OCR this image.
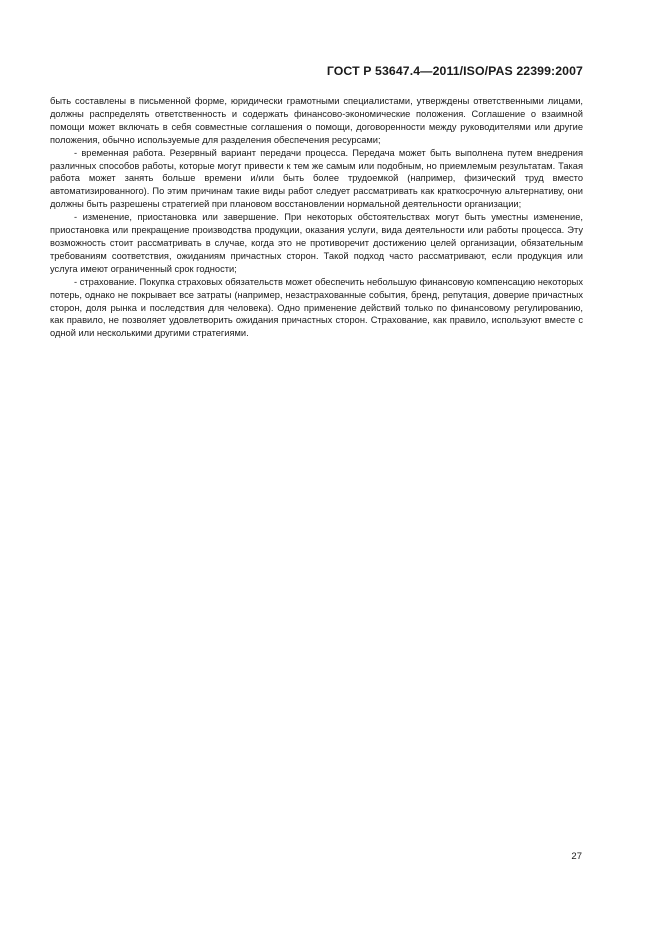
ГОСТ Р 53647.4—2011/ISO/PAS 22399:2007

быть составлены в письменной форме, юридически грамотными специалистами, утверждены ответственными лицами, должны распределять ответственность и содержать финансово-экономические положения. Соглашение о взаимной помощи может включать в себя совместные соглашения о помощи, договоренности между руководителями или другие положения, обычно используемые для разделения обеспечения ресурсами;

- временная работа. Резервный вариант передачи процесса. Передача может быть выполнена путем внедрения различных способов работы, которые могут привести к тем же самым или подобным, но приемлемым результатам. Такая работа может занять больше времени и/или быть более трудоемкой (например, физический труд вместо автоматизированного). По этим причинам такие виды работ следует рассматривать как краткосрочную альтернативу, они должны быть разрешены стратегией при плановом восстановлении нормальной деятельности организации;

- изменение, приостановка или завершение. При некоторых обстоятельствах могут быть уместны изменение, приостановка или прекращение производства продукции, оказания услуги, вида деятельности или работы процесса. Эту возможность стоит рассматривать в случае, когда это не противоречит достижению целей организации, обязательным требованиям соответствия, ожиданиям причастных сторон. Такой подход часто рассматривают, если продукция или услуга имеют ограниченный срок годности;

- страхование. Покупка страховых обязательств может обеспечить небольшую финансовую компенсацию некоторых потерь, однако не покрывает все затраты (например, незастрахованные события, бренд, репутация, доверие причастных сторон, доля рынка и последствия для человека). Одно применение действий только по финансовому регулированию, как правило, не позволяет удовлетворить ожидания причастных сторон. Страхование, как правило, используют вместе с одной или несколькими другими стратегиями.

27
